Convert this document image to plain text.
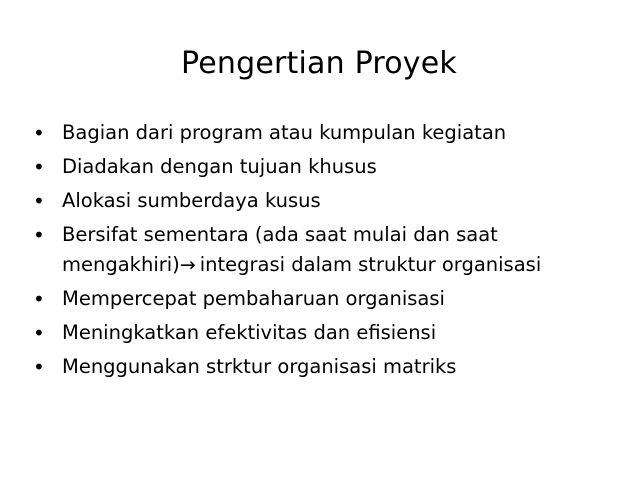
Pengertian Proyek
• Bagian dari program atau kumpulan kegiatan
• Diadakan dengan tujuan khusus
• Alokasi sumberdaya kusus
• Bersifat sementara (ada saat mulai dan saat
mengakhiri)→ integrasi dalam struktur organisasi
• Mempercepat pembaharuan organisasi
• Meningkatkan efektivitas dan efisiensi
• Menggunakan strktur organisasi matriks
